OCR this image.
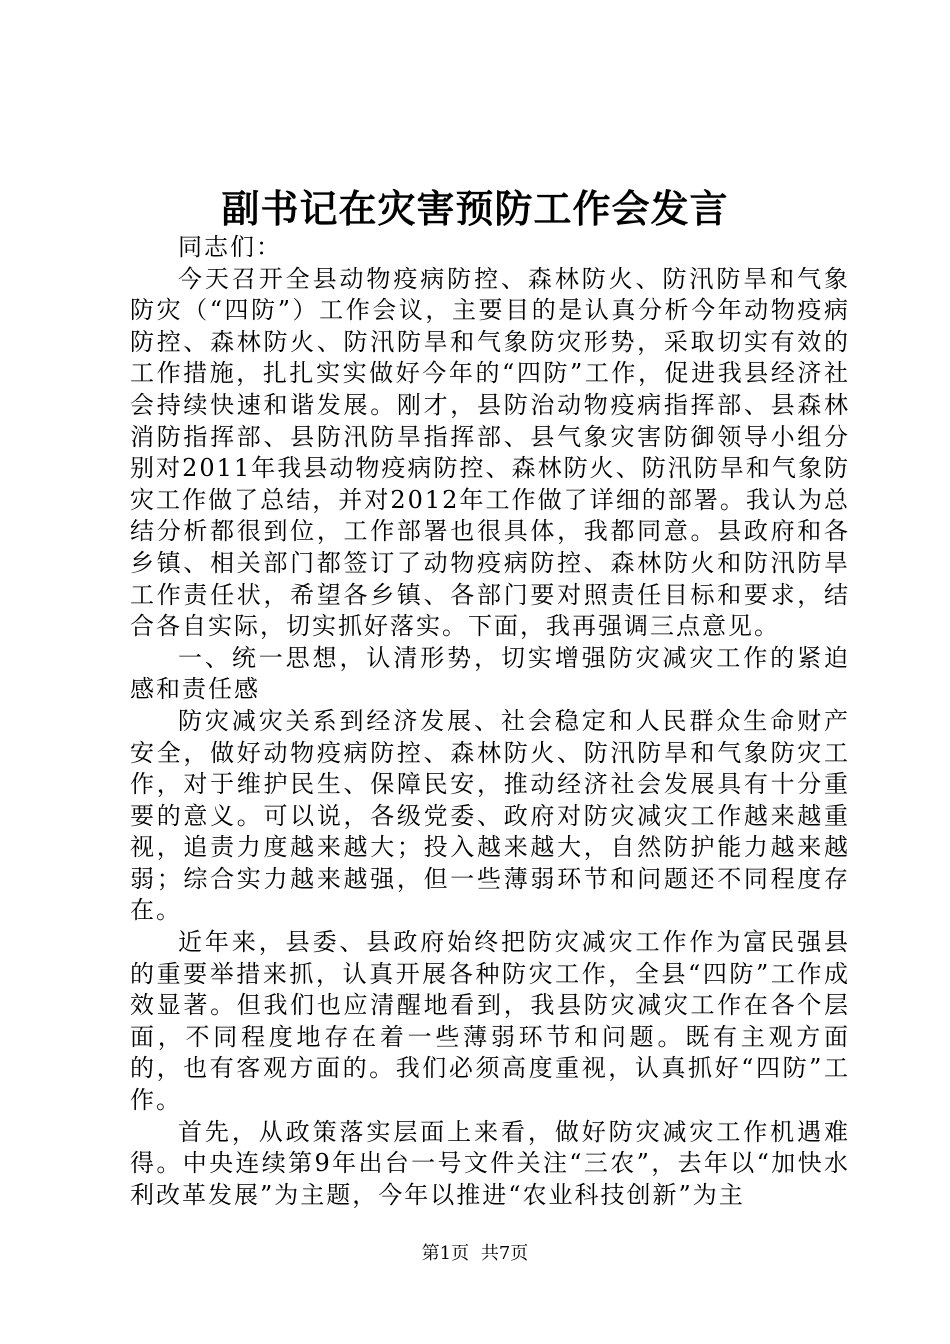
副书记在灾害预防工作会发言

同志们：

今天召开全县动物疫病防控、森林防火、防汛防旱和气象防灾（“四防”）工作会议，主要目的是认真分析今年动物疫病防控、森林防火、防汛防旱和气象防灾形势，采取切实有效的工作措施，扎扎实实做好今年的“四防”工作，促进我县经济社会持续快速和谐发展。刚才，县防治动物疫病指挥部、县森林消防指挥部、县防汛防旱指挥部、县气象灾害防御领导小组分别对2011年我县动物疫病防控、森林防火、防汛防旱和气象防灾工作做了总结，并对2012年工作做了详细的部署。我认为总结分析都很到位，工作部署也很具体，我都同意。县政府和各乡镇、相关部门都签订了动物疫病防控、森林防火和防汛防旱工作责任状，希望各乡镇、各部门要对照责任目标和要求，结合各自实际，切实抓好落实。下面，我再强调三点意见。

一、统一思想，认清形势，切实增强防灾减灾工作的紧迫感和责任感

防灾减灾关系到经济发展、社会稳定和人民群众生命财产安全，做好动物疫病防控、森林防火、防汛防旱和气象防灾工作，对于维护民生、保障民安，推动经济社会发展具有十分重要的意义。可以说，各级党委、政府对防灾减灾工作越来越重视，追责力度越来越大；投入越来越大，自然防护能力越来越弱；综合实力越来越强，但一些薄弱环节和问题还不同程度存在。

近年来，县委、县政府始终把防灾减灾工作作为富民强县的重要举措来抓，认真开展各种防灾工作，全县“四防”工作成效显著。但我们也应清醒地看到，我县防灾减灾工作在各个层面，不同程度地存在着一些薄弱环节和问题。既有主观方面的，也有客观方面的。我们必须高度重视，认真抓好“四防”工作。

首先，从政策落实层面上来看，做好防灾减灾工作机遇难得。中央连续第9年出台一号文件关注“三农”，去年以“加快水利改革发展”为主题，今年以推进“农业科技创新”为主

第1页 共7页
